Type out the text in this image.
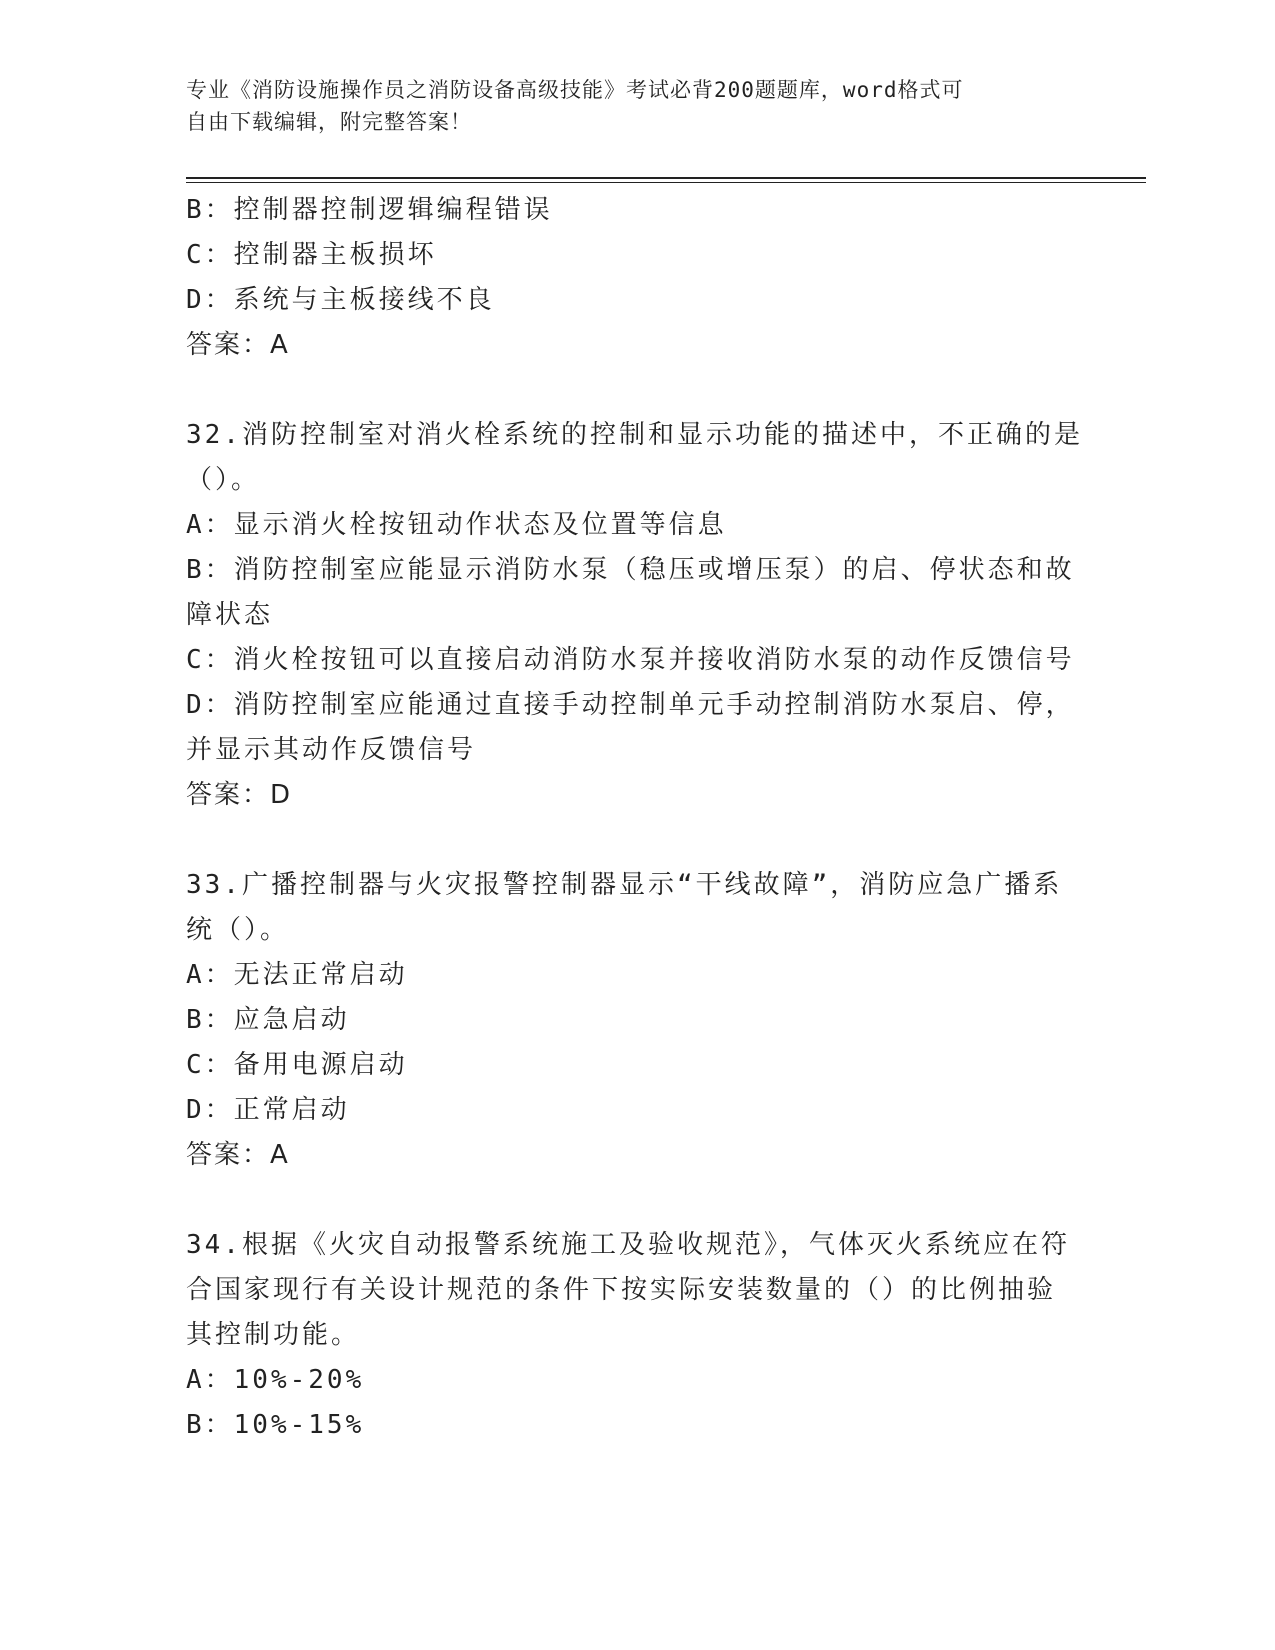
专业《消防设施操作员之消防设备高级技能》考试必背200题题库，word格式可
自由下载编辑，附完整答案！
B：控制器控制逻辑编程错误
C：控制器主板损坏
D：系统与主板接线不良
答案：A
32.消防控制室对消火栓系统的控制和显示功能的描述中，不正确的是
（）。
A：显示消火栓按钮动作状态及位置等信息
B：消防控制室应能显示消防水泵（稳压或增压泵）的启、停状态和故
障状态
C：消火栓按钮可以直接启动消防水泵并接收消防水泵的动作反馈信号
D：消防控制室应能通过直接手动控制单元手动控制消防水泵启、停，
并显示其动作反馈信号
答案：D
33.广播控制器与火灾报警控制器显示“干线故障”，消防应急广播系
统（）。
A：无法正常启动
B：应急启动
C：备用电源启动
D：正常启动
答案：A
34.根据《火灾自动报警系统施工及验收规范》，气体灭火系统应在符
合国家现行有关设计规范的条件下按实际安装数量的（）的比例抽验
其控制功能。
A：10%-20%
B：10%-15%
